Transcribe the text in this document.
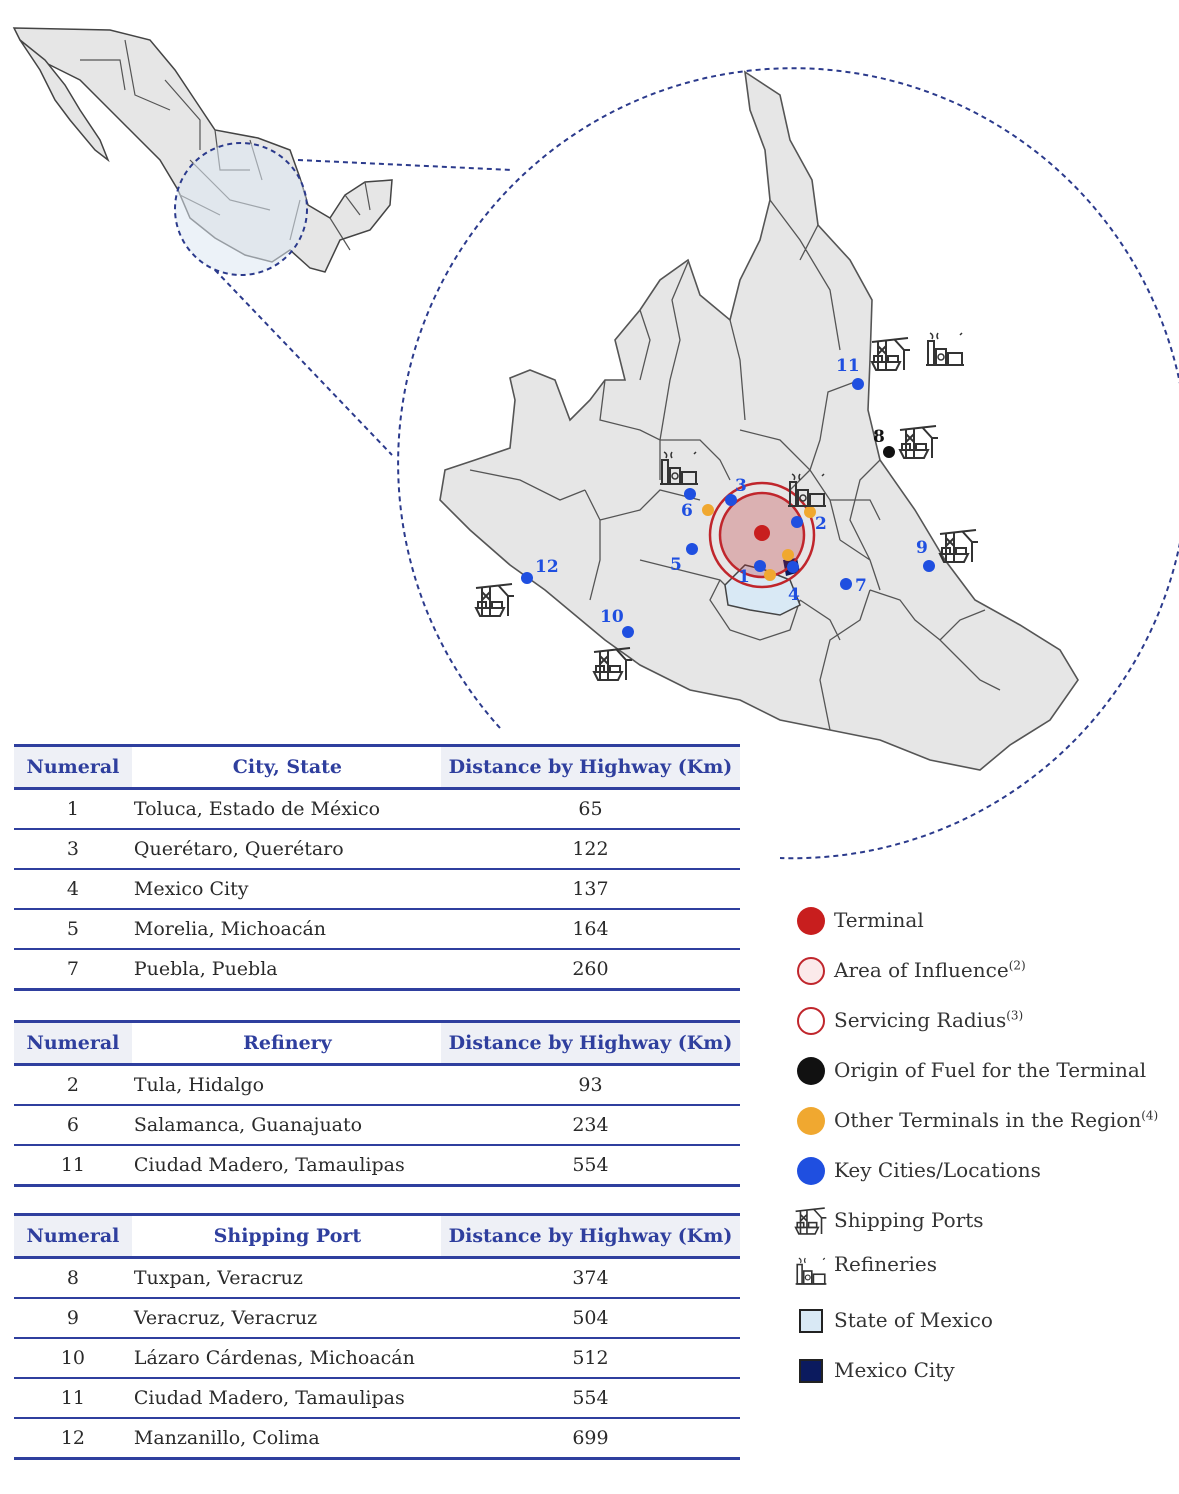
1
2
3
4
5
6
7
8
9
10
11
12
Numeral	City, State	Distance by Highway (Km)
1	Toluca, Estado de México	65
3	Querétaro, Querétaro	122
4	Mexico City	137
5	Morelia, Michoacán	164
7	Puebla, Puebla	260
Numeral	Refinery	Distance by Highway (Km)
2	Tula, Hidalgo	93
6	Salamanca, Guanajuato	234
11	Ciudad Madero, Tamaulipas	554
Numeral	Shipping Port	Distance by Highway (Km)
8	Tuxpan, Veracruz	374
9	Veracruz, Veracruz	504
10	Lázaro Cárdenas, Michoacán	512
11	Ciudad Madero, Tamaulipas	554
12	Manzanillo, Colima	699
Terminal
Area of Influence$^{(2)}$
Servicing Radius$^{(3)}$
Origin of Fuel for the Terminal
Other Terminals in the Region$^{(4)}$
Key Cities/Locations
Shipping Ports
Refineries
State of Mexico
Mexico City
